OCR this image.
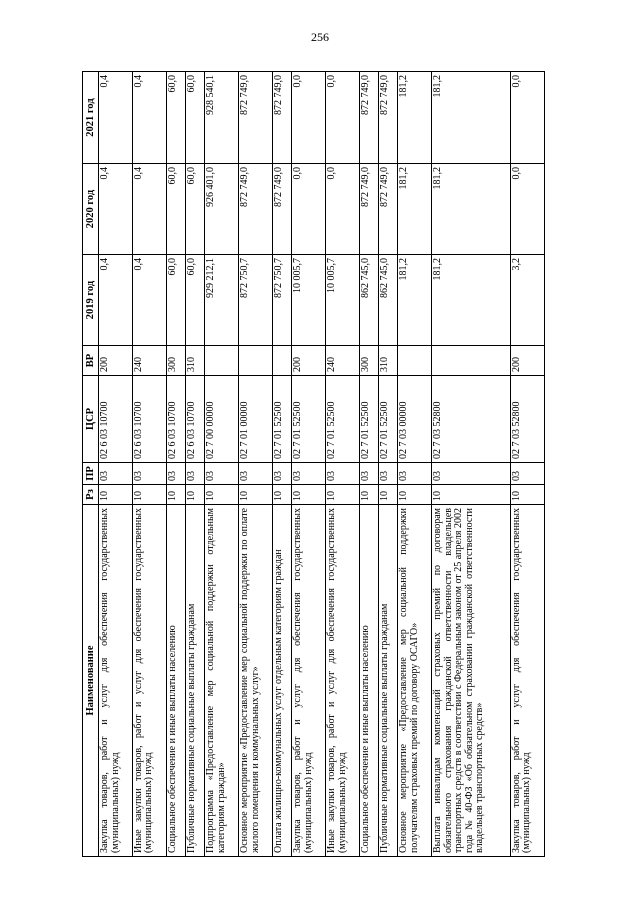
256
Наименование	Рз	ПР	ЦСР	ВР	2019 год	2020 год	2021 год
Закупка товаров, работ и услуг для обеспечения государственных (муниципальных) нужд	10	03	02 6 03 10700	200	0,4	0,4	0,4
Иные закупки товаров, работ и услуг для обеспечения государственных (муниципальных) нужд	10	03	02 6 03 10700	240	0,4	0,4	0,4
Социальное обеспечение и иные выплаты населению	10	03	02 6 03 10700	300	60,0	60,0	60,0
Публичные нормативные социальные выплаты гражданам	10	03	02 6 03 10700	310	60,0	60,0	60,0
Подпрограмма «Предоставление мер социальной поддержки отдельным категориям граждан»	10	03	02 7 00 00000		929 212,1	926 401,0	928 540,1
Основное мероприятие «Предоставление мер социальной поддержки по оплате жилого помещения и коммунальных услуг»	10	03	02 7 01 00000		872 750,7	872 749,0	872 749,0
Оплата жилищно-коммунальных услуг отдельным категориям граждан	10	03	02 7 01 52500		872 750,7	872 749,0	872 749,0
Закупка товаров, работ и услуг для обеспечения государственных (муниципальных) нужд	10	03	02 7 01 52500	200	10 005,7	0,0	0,0
Иные закупки товаров, работ и услуг для обеспечения государственных (муниципальных) нужд	10	03	02 7 01 52500	240	10 005,7	0,0	0,0
Социальное обеспечение и иные выплаты населению	10	03	02 7 01 52500	300	862 745,0	872 749,0	872 749,0
Публичные нормативные социальные выплаты гражданам	10	03	02 7 01 52500	310	862 745,0	872 749,0	872 749,0
Основное мероприятие «Предоставление мер социальной поддержки получателям страховых премий по договору ОСАГО»	10	03	02 7 03 00000		181,2	181,2	181,2
Выплата инвалидам компенсаций страховых премий по договорам обязательного страхования гражданской ответственности владельцев транспортных средств в соответствии с Федеральным законом от 25 апреля 2002 года № 40-ФЗ «Об обязательном страховании гражданской ответственности владельцев транспортных средств»	10	03	02 7 03 52800		181,2	181,2	181,2
Закупка товаров, работ и услуг для обеспечения государственных (муниципальных) нужд	10	03	02 7 03 52800	200	3,2	0,0	0,0
